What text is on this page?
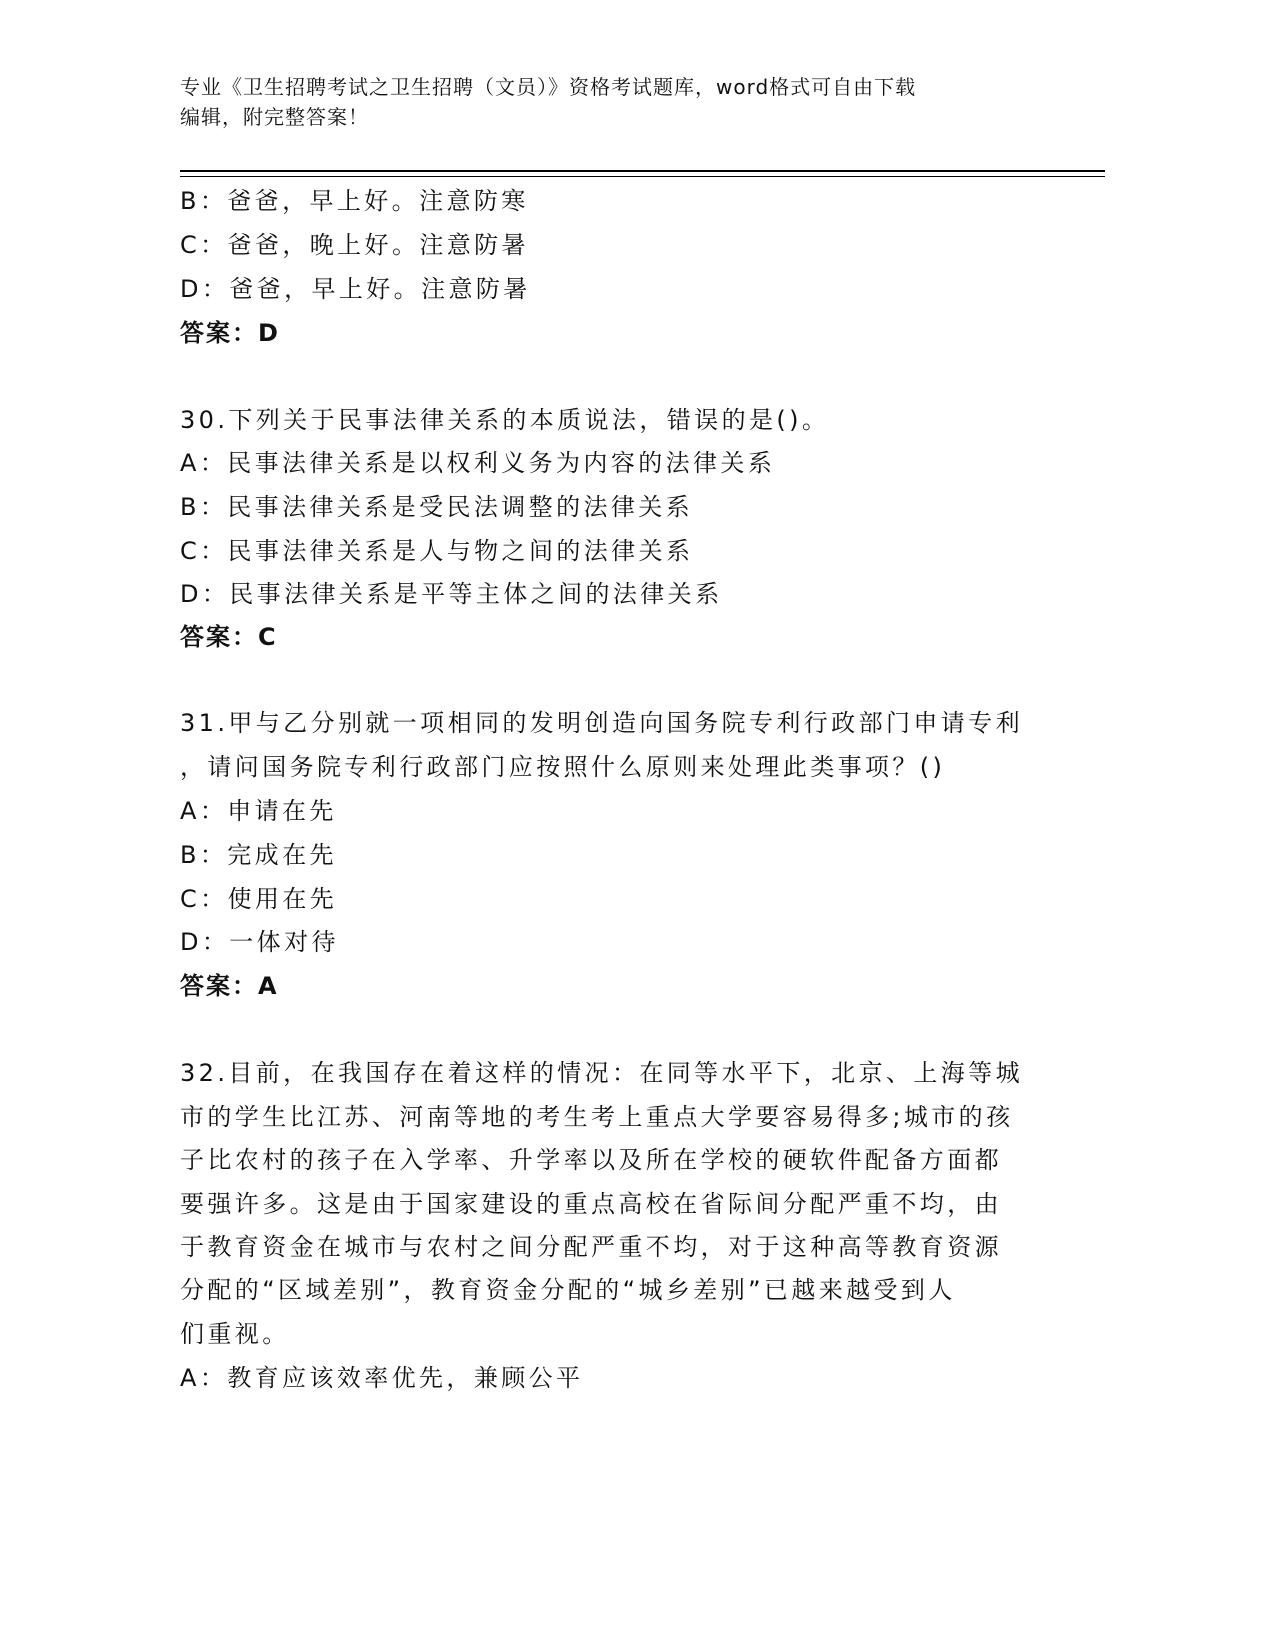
专业《卫生招聘考试之卫生招聘（文员）》资格考试题库，word格式可自由下载
编辑，附完整答案！
B：爸爸，早上好。注意防寒
C：爸爸，晚上好。注意防暑
D：爸爸，早上好。注意防暑
答案：D
30.下列关于民事法律关系的本质说法，错误的是()。
A：民事法律关系是以权利义务为内容的法律关系
B：民事法律关系是受民法调整的法律关系
C：民事法律关系是人与物之间的法律关系
D：民事法律关系是平等主体之间的法律关系
答案：C
31.甲与乙分别就一项相同的发明创造向国务院专利行政部门申请专利
，请问国务院专利行政部门应按照什么原则来处理此类事项？()
A：申请在先
B：完成在先
C：使用在先
D：一体对待
答案：A
32.目前，在我国存在着这样的情况：在同等水平下，北京、上海等城
市的学生比江苏、河南等地的考生考上重点大学要容易得多;城市的孩
子比农村的孩子在入学率、升学率以及所在学校的硬软件配备方面都
要强许多。这是由于国家建设的重点高校在省际间分配严重不均，由
于教育资金在城市与农村之间分配严重不均，对于这种高等教育资源
分配的“区域差别”，教育资金分配的“城乡差别”已越来越受到人
们重视。
A：教育应该效率优先，兼顾公平
